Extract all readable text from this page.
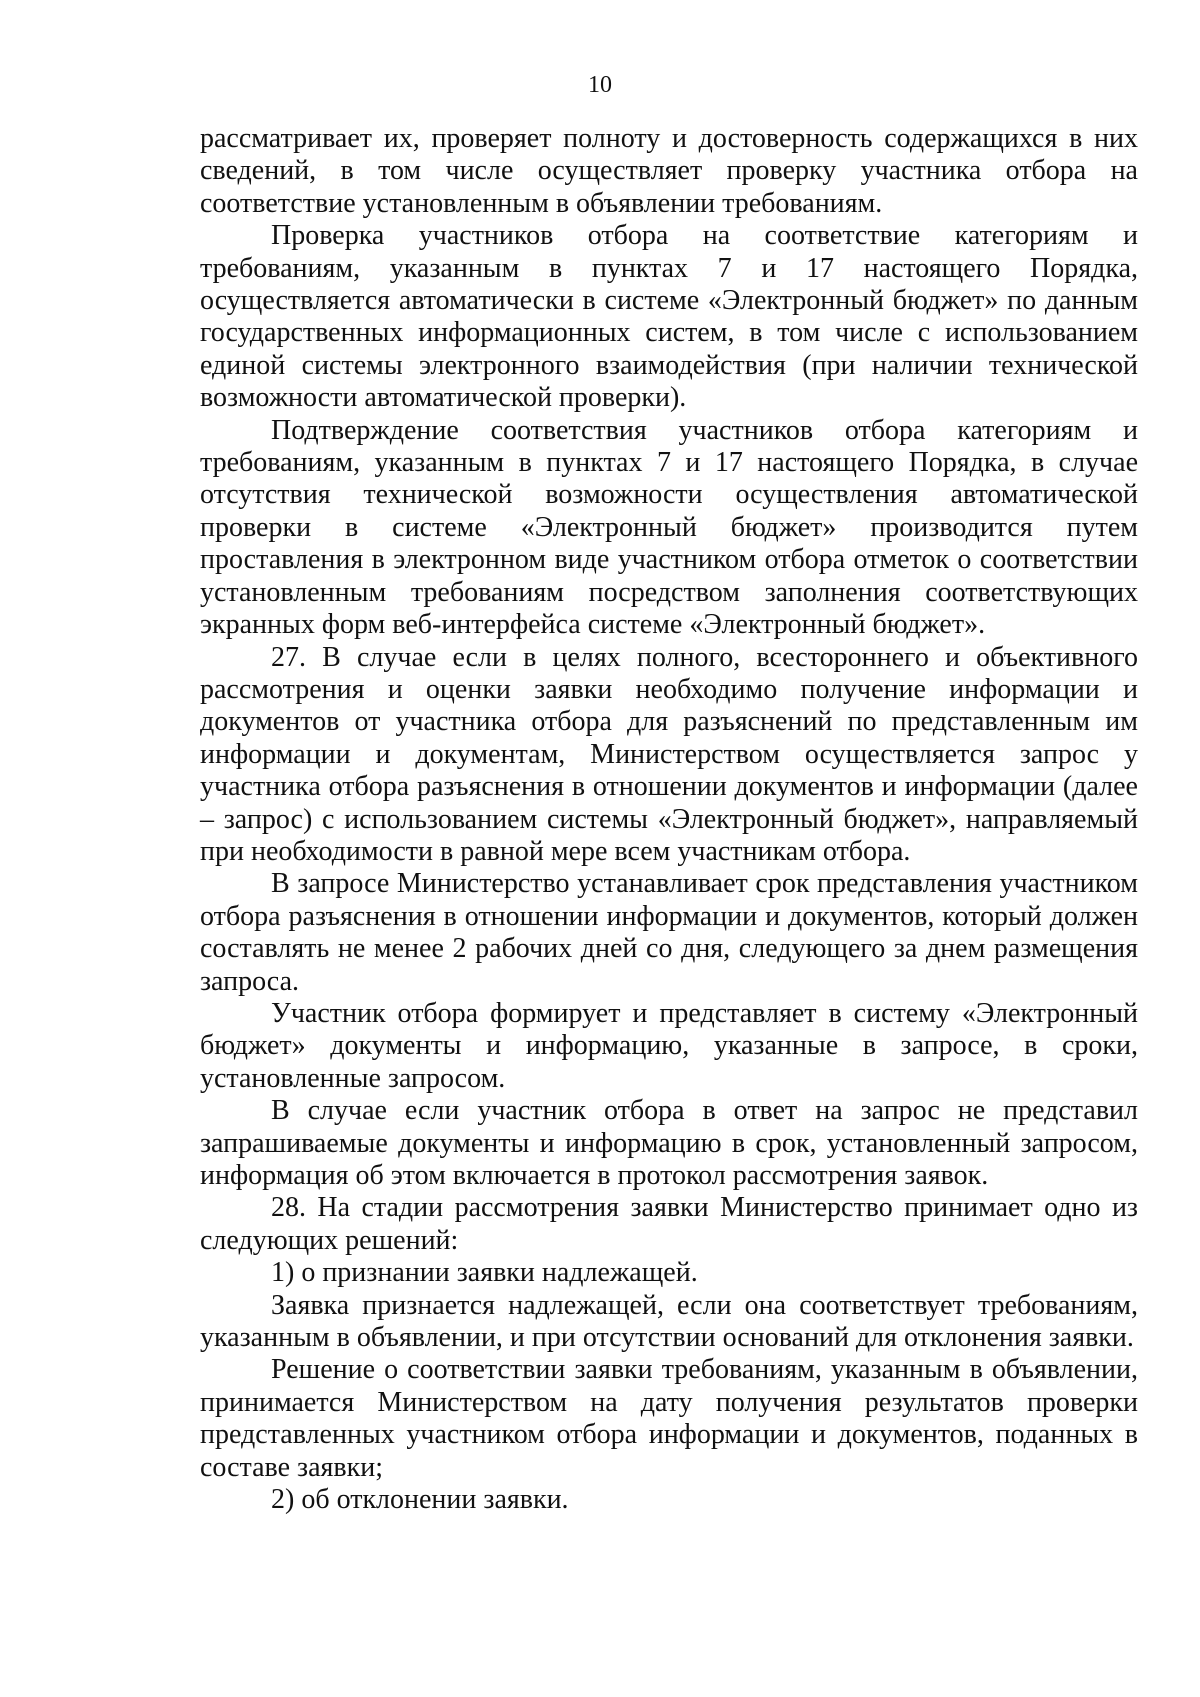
10

рассматривает их, проверяет полноту и достоверность содержащихся в них сведений, в том числе осуществляет проверку участника отбора на соответствие установленным в объявлении требованиям.

Проверка участников отбора на соответствие категориям и требованиям, указанным в пунктах 7 и 17 настоящего Порядка, осуществляется автоматически в системе «Электронный бюджет» по данным государственных информационных систем, в том числе с использованием единой системы электронного взаимодействия (при наличии технической возможности автоматической проверки).

Подтверждение соответствия участников отбора категориям и требованиям, указанным в пунктах 7 и 17 настоящего Порядка, в случае отсутствия технической возможности осуществления автоматической проверки в системе «Электронный бюджет» производится путем проставления в электронном виде участником отбора отметок о соответствии установленным требованиям посредством заполнения соответствующих экранных форм веб-интерфейса системе «Электронный бюджет».

27. В случае если в целях полного, всестороннего и объективного рассмотрения и оценки заявки необходимо получение информации и документов от участника отбора для разъяснений по представленным им информации и документам, Министерством осуществляется запрос у участника отбора разъяснения в отношении документов и информации (далее – запрос) с использованием системы «Электронный бюджет», направляемый при необходимости в равной мере всем участникам отбора.

В запросе Министерство устанавливает срок представления участником отбора разъяснения в отношении информации и документов, который должен составлять не менее 2 рабочих дней со дня, следующего за днем размещения запроса.

Участник отбора формирует и представляет в систему «Электронный бюджет» документы и информацию, указанные в запросе, в сроки, установленные запросом.

В случае если участник отбора в ответ на запрос не представил запрашиваемые документы и информацию в срок, установленный запросом, информация об этом включается в протокол рассмотрения заявок.

28. На стадии рассмотрения заявки Министерство принимает одно из следующих решений:

1) о признании заявки надлежащей.

Заявка признается надлежащей, если она соответствует требованиям, указанным в объявлении, и при отсутствии оснований для отклонения заявки.

Решение о соответствии заявки требованиям, указанным в объявлении, принимается Министерством на дату получения результатов проверки представленных участником отбора информации и документов, поданных в составе заявки;

2) об отклонении заявки.
